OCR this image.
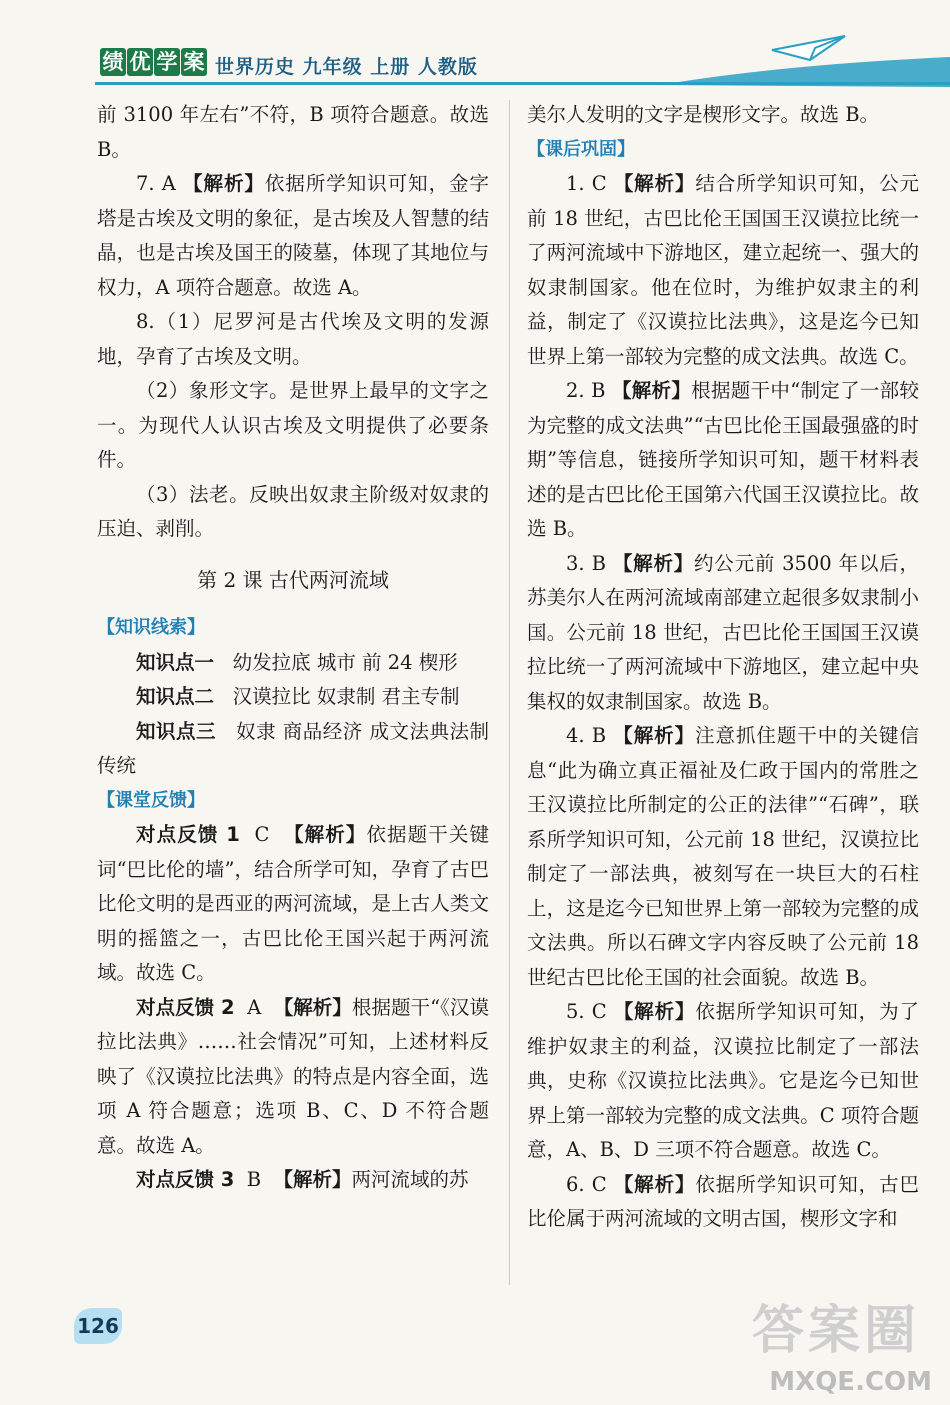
绩 优 学 案 世界历史 九年级 上册 人教版

前 3100 年左右”不符，B 项符合题意。故选 B。

7. A 【解析】依据所学知识可知，金字塔是古埃及文明的象征，是古埃及人智慧的结晶，也是古埃及国王的陵墓，体现了其地位与权力，A 项符合题意。故选 A。

8.（1）尼罗河是古代埃及文明的发源地，孕育了古埃及文明。

（2）象形文字。是世界上最早的文字之一。为现代人认识古埃及文明提供了必要条件。

（3）法老。反映出奴隶主阶级对奴隶的压迫、剥削。

第 2 课 古代两河流域

【知识线索】

知识点一 幼发拉底 城市 前 24 楔形

知识点二 汉谟拉比 奴隶制 君主专制

知识点三 奴隶 商品经济 成文法典法制传统

【课堂反馈】

对点反馈 1 C 【解析】依据题干关键词“巴比伦的墙”，结合所学可知，孕育了古巴比伦文明的是西亚的两河流域，是上古人类文明的摇篮之一，古巴比伦王国兴起于两河流域。故选 C。

对点反馈 2 A 【解析】根据题干“《汉谟拉比法典》……社会情况”可知，上述材料反映了《汉谟拉比法典》的特点是内容全面，选项 A 符合题意；选项 B、C、D 不符合题意。故选 A。

对点反馈 3 B 【解析】两河流域的苏

美尔人发明的文字是楔形文字。故选 B。

【课后巩固】

1. C 【解析】结合所学知识可知，公元前 18 世纪，古巴比伦王国国王汉谟拉比统一了两河流域中下游地区，建立起统一、强大的奴隶制国家。他在位时，为维护奴隶主的利益，制定了《汉谟拉比法典》，这是迄今已知世界上第一部较为完整的成文法典。故选 C。

2. B 【解析】根据题干中“制定了一部较为完整的成文法典”“古巴比伦王国最强盛的时期”等信息，链接所学知识可知，题干材料表述的是古巴比伦王国第六代国王汉谟拉比。故选 B。

3. B 【解析】约公元前 3500 年以后，苏美尔人在两河流域南部建立起很多奴隶制小国。公元前 18 世纪，古巴比伦王国国王汉谟拉比统一了两河流域中下游地区，建立起中央集权的奴隶制国家。故选 B。

4. B 【解析】注意抓住题干中的关键信息“此为确立真正福祉及仁政于国内的常胜之王汉谟拉比所制定的公正的法律”“石碑”，联系所学知识可知，公元前 18 世纪，汉谟拉比制定了一部法典，被刻写在一块巨大的石柱上，这是迄今已知世界上第一部较为完整的成文法典。所以石碑文字内容反映了公元前 18 世纪古巴比伦王国的社会面貌。故选 B。

5. C 【解析】依据所学知识可知，为了维护奴隶主的利益，汉谟拉比制定了一部法典，史称《汉谟拉比法典》。它是迄今已知世界上第一部较为完整的成文法典。C 项符合题意，A、B、D 三项不符合题意。故选 C。

6. C 【解析】依据所学知识可知，古巴比伦属于两河流域的文明古国，楔形文字和

126	答案圈
MXQE.COM
